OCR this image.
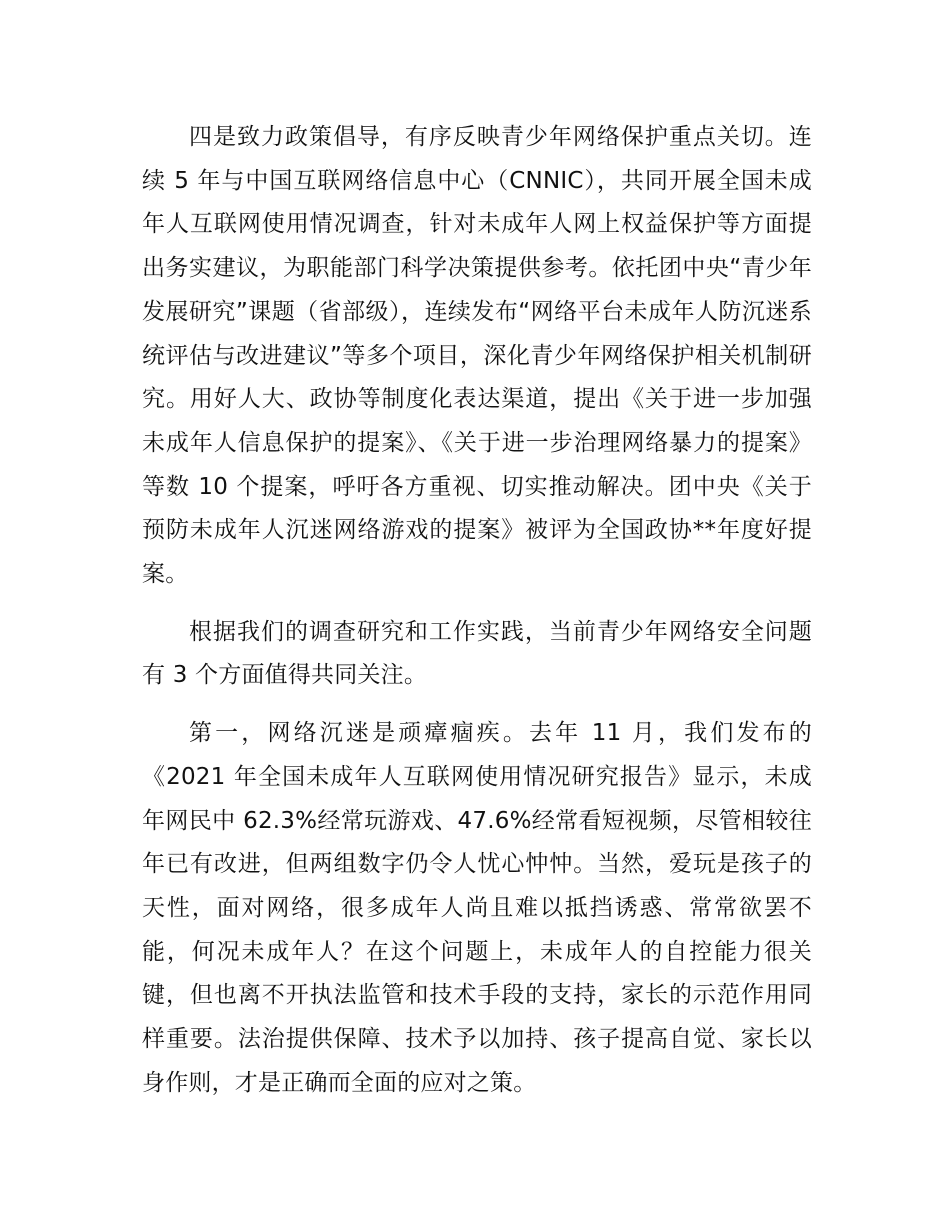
四是致力政策倡导，有序反映青少年网络保护重点关切。连续 5 年与中国互联网络信息中心（CNNIC），共同开展全国未成年人互联网使用情况调查，针对未成年人网上权益保护等方面提出务实建议，为职能部门科学决策提供参考。依托团中央“青少年发展研究”课题（省部级），连续发布“网络平台未成年人防沉迷系统评估与改进建议”等多个项目，深化青少年网络保护相关机制研究。用好人大、政协等制度化表达渠道，提出《关于进一步加强未成年人信息保护的提案》、《关于进一步治理网络暴力的提案》等数 10 个提案，呼吁各方重视、切实推动解决。团中央《关于预防未成年人沉迷网络游戏的提案》被评为全国政协**年度好提案。

根据我们的调查研究和工作实践，当前青少年网络安全问题有 3 个方面值得共同关注。

第一，网络沉迷是顽瘴痼疾。去年 11 月，我们发布的《2021 年全国未成年人互联网使用情况研究报告》显示，未成年网民中 62.3%经常玩游戏、47.6%经常看短视频，尽管相较往年已有改进，但两组数字仍令人忧心忡忡。当然，爱玩是孩子的天性，面对网络，很多成年人尚且难以抵挡诱惑、常常欲罢不能，何况未成年人？在这个问题上，未成年人的自控能力很关键，但也离不开执法监管和技术手段的支持，家长的示范作用同样重要。法治提供保障、技术予以加持、孩子提高自觉、家长以身作则，才是正确而全面的应对之策。
